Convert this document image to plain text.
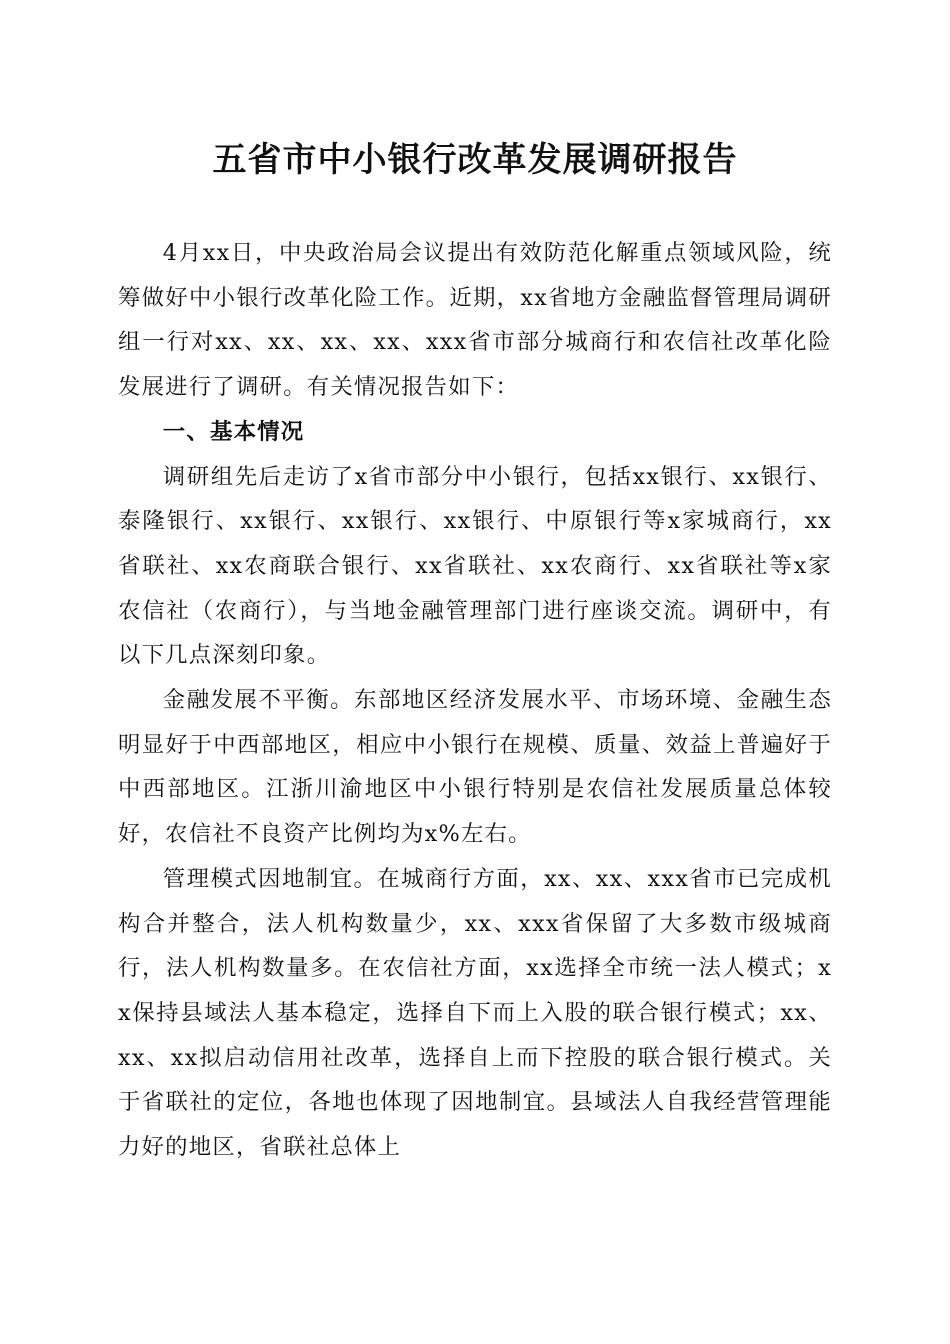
五省市中小银行改革发展调研报告

4月xx日，中央政治局会议提出有效防范化解重点领域风险，统筹做好中小银行改革化险工作。近期，xx省地方金融监督管理局调研组一行对xx、xx、xx、xx、xxx省市部分城商行和农信社改革化险发展进行了调研。有关情况报告如下：

一、基本情况

调研组先后走访了x省市部分中小银行，包括xx银行、xx银行、泰隆银行、xx银行、xx银行、xx银行、中原银行等x家城商行，xx省联社、xx农商联合银行、xx省联社、xx农商行、xx省联社等x家农信社（农商行），与当地金融管理部门进行座谈交流。调研中，有以下几点深刻印象。

金融发展不平衡。东部地区经济发展水平、市场环境、金融生态明显好于中西部地区，相应中小银行在规模、质量、效益上普遍好于中西部地区。江浙川渝地区中小银行特别是农信社发展质量总体较好，农信社不良资产比例均为x%左右。

管理模式因地制宜。在城商行方面，xx、xx、xxx省市已完成机构合并整合，法人机构数量少，xx、xxx省保留了大多数市级城商行，法人机构数量多。在农信社方面，xx选择全市统一法人模式；xx保持县域法人基本稳定，选择自下而上入股的联合银行模式；xx、xx、xx拟启动信用社改革，选择自上而下控股的联合银行模式。关于省联社的定位，各地也体现了因地制宜。县域法人自我经营管理能力好的地区，省联社总体上
